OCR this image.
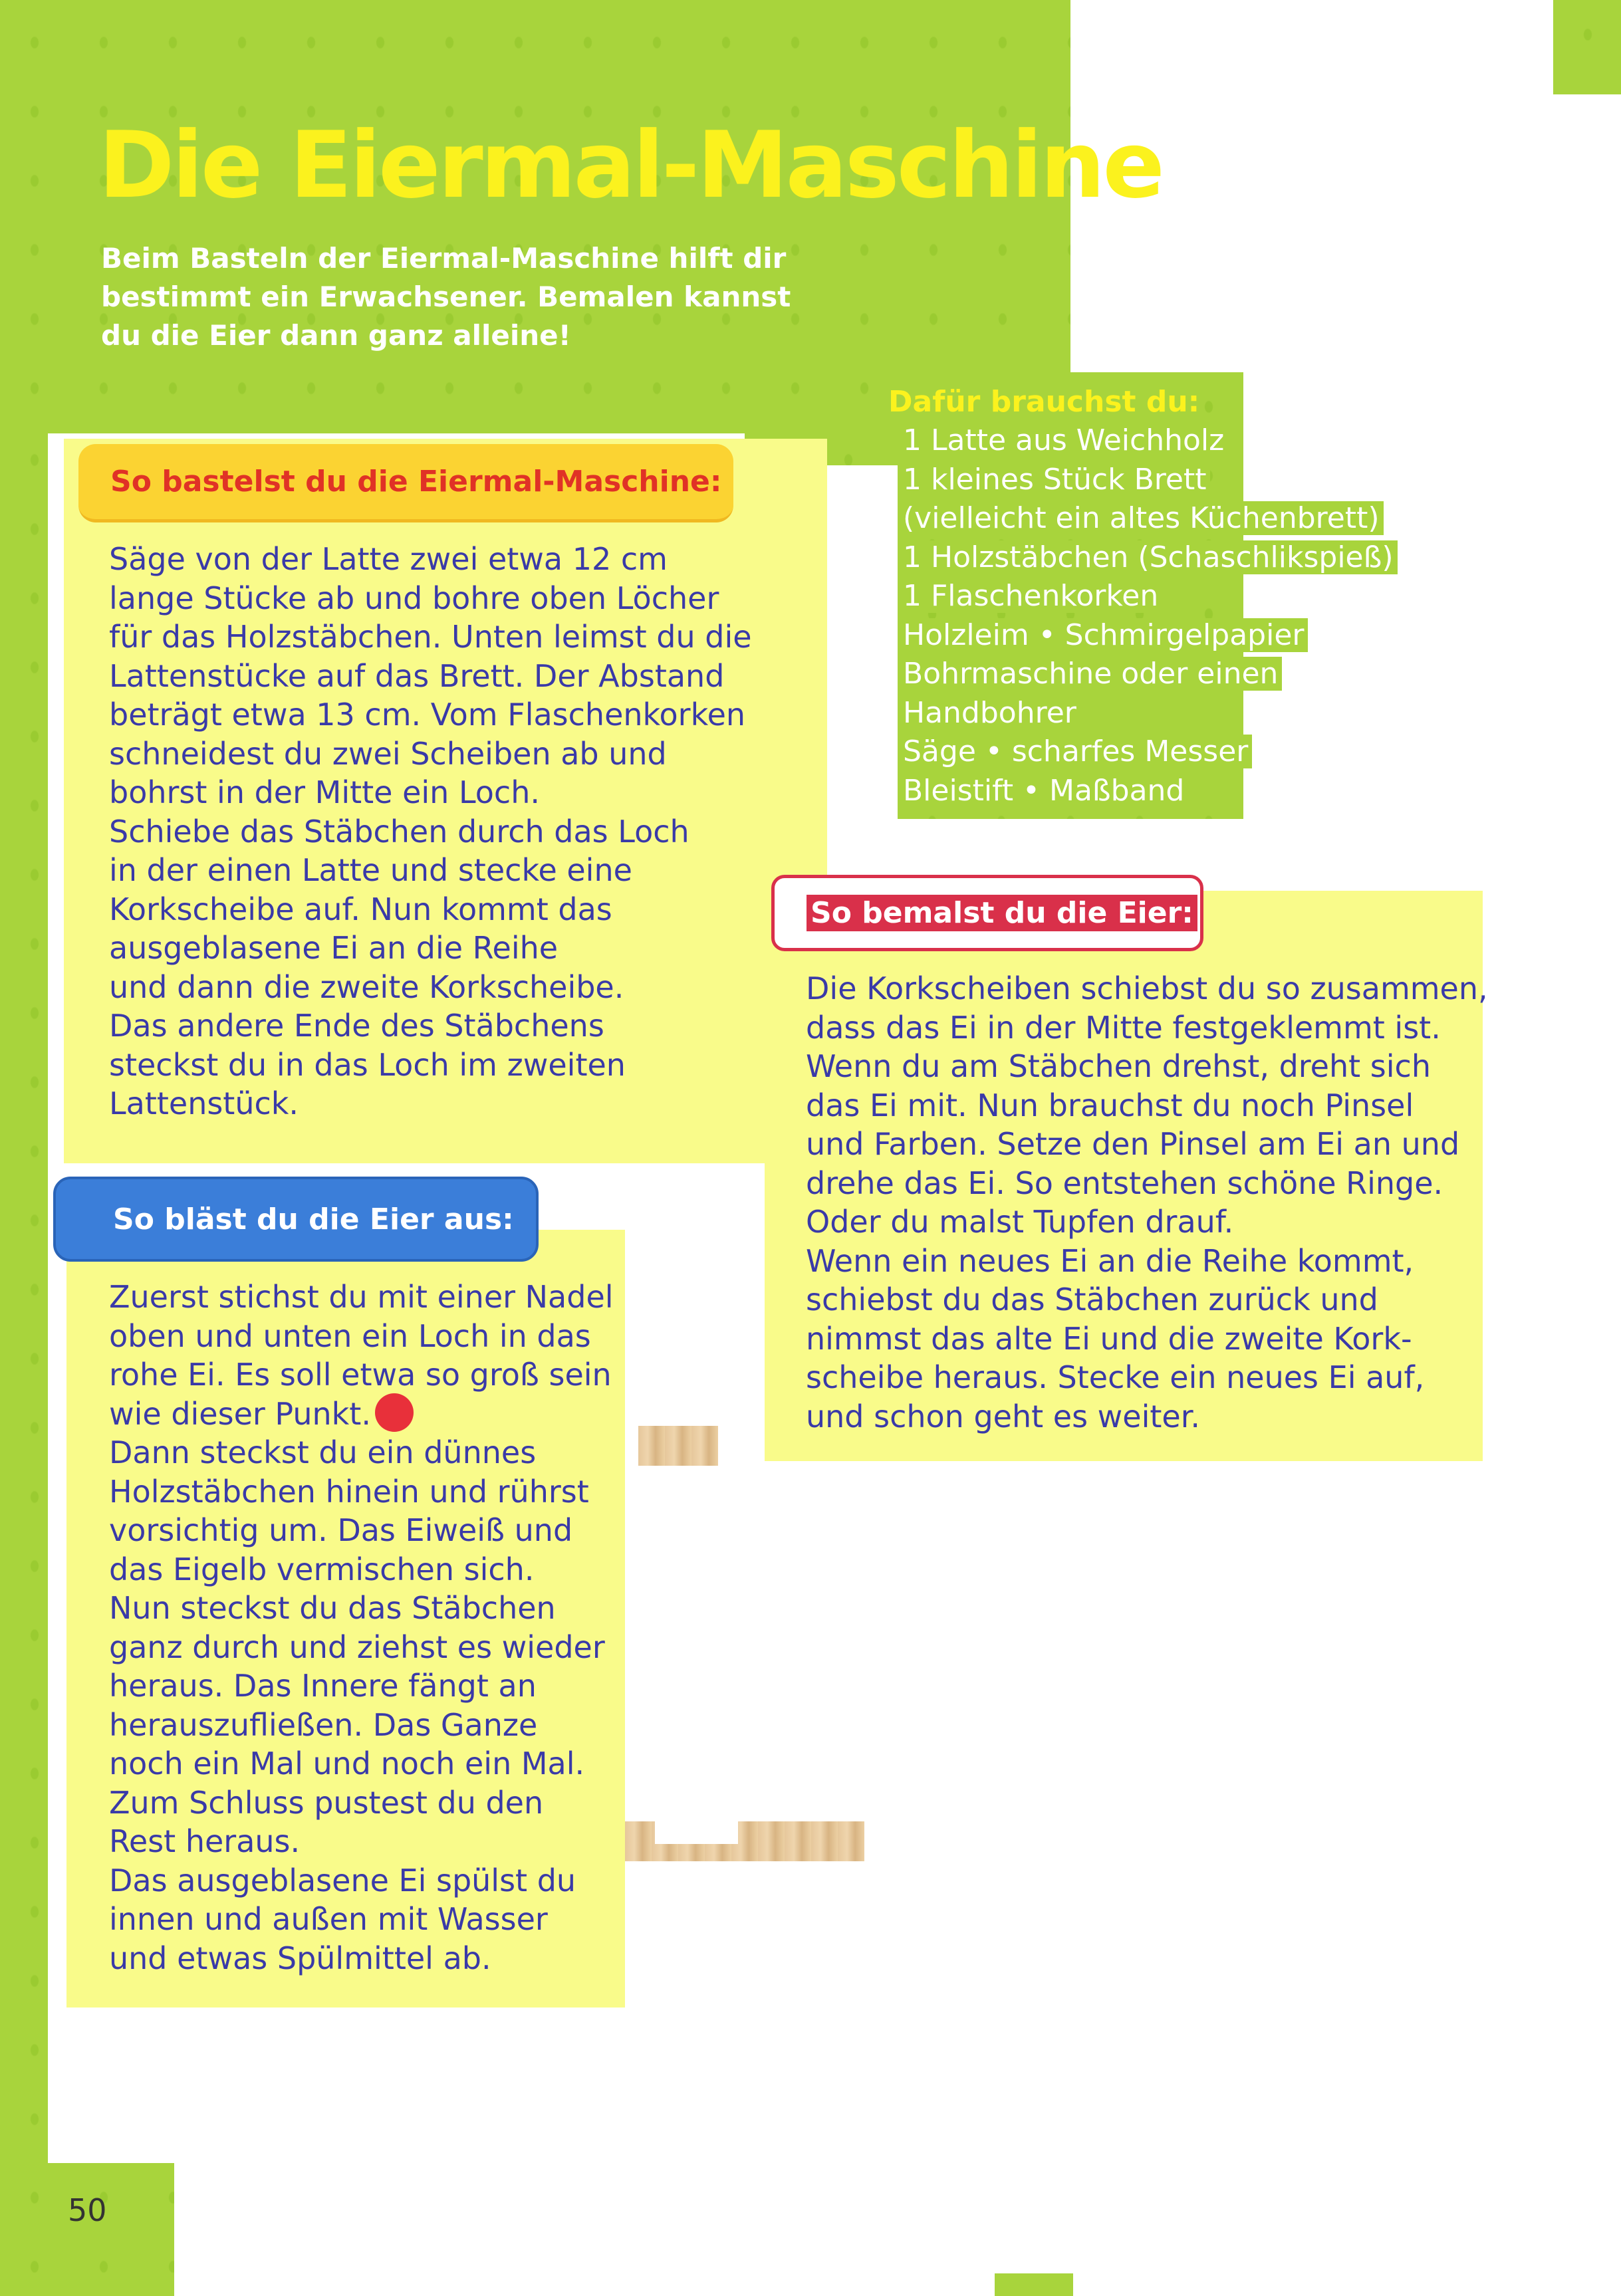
Die Eiermal-Maschine
Beim Basteln der Eiermal-Maschine hilft dir bestimmt ein Erwachsener. Bemalen kannst du die Eier dann ganz alleine!
Dafür brauchst du:
1 Latte aus Weichholz
1 kleines Stück Brett
(vielleicht ein altes Küchenbrett)
1 Holzstäbchen (Schaschlikspieß)
1 Flaschenkorken
Holzleim • Schmirgelpapier
Bohrmaschine oder einen
Handbohrer
Säge • scharfes Messer
Bleistift • Maßband
So bastelst du die Eiermal-Maschine:
Säge von der Latte zwei etwa 12 cm
lange Stücke ab und bohre oben Löcher
für das Holzstäbchen. Unten leimst du die
Lattenstücke auf das Brett. Der Abstand
beträgt etwa 13 cm. Vom Flaschenkorken
schneidest du zwei Scheiben ab und
bohrst in der Mitte ein Loch.
Schiebe das Stäbchen durch das Loch
in der einen Latte und stecke eine
Korkscheibe auf. Nun kommt das
ausgeblasene Ei an die Reihe
und dann die zweite Korkscheibe.
Das andere Ende des Stäbchens
steckst du in das Loch im zweiten
Lattenstück.
So bemalst du die Eier:
Die Korkscheiben schiebst du so zusammen,
dass das Ei in der Mitte festgeklemmt ist.
Wenn du am Stäbchen drehst, dreht sich
das Ei mit. Nun brauchst du noch Pinsel
und Farben. Setze den Pinsel am Ei an und
drehe das Ei. So entstehen schöne Ringe.
Oder du malst Tupfen drauf.
Wenn ein neues Ei an die Reihe kommt,
schiebst du das Stäbchen zurück und
nimmst das alte Ei und die zweite Kork-
scheibe heraus. Stecke ein neues Ei auf,
und schon geht es weiter.
So bläst du die Eier aus:
Zuerst stichst du mit einer Nadel
oben und unten ein Loch in das
rohe Ei. Es soll etwa so groß sein
wie dieser Punkt.
Dann steckst du ein dünnes
Holzstäbchen hinein und rührst
vorsichtig um. Das Eiweiß und
das Eigelb vermischen sich.
Nun steckst du das Stäbchen
ganz durch und ziehst es wieder
heraus. Das Innere fängt an
herauszufließen. Das Ganze
noch ein Mal und noch ein Mal.
Zum Schluss pustest du den
Rest heraus.
Das ausgeblasene Ei spülst du
innen und außen mit Wasser
und etwas Spülmittel ab.
50
